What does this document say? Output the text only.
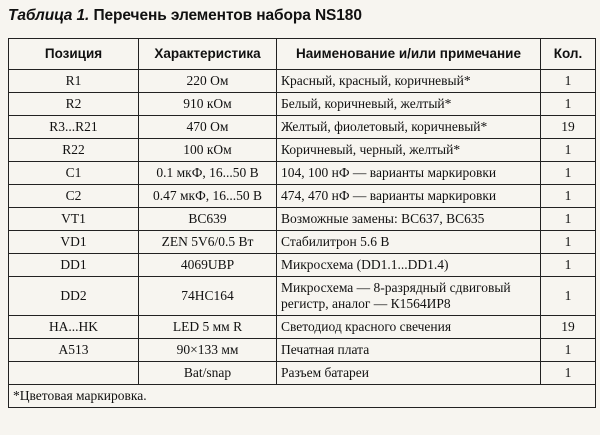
Таблица 1. Перечень элементов набора NS180
Позиция	Характеристика	Наименование и/или примечание	Кол.
R1	220 Ом	Красный, красный, коричневый*	1
R2	910 кОм	Белый, коричневый, желтый*	1
R3...R21	470 Ом	Желтый, фиолетовый, коричневый*	19
R22	100 кОм	Коричневый, черный, желтый*	1
C1	0.1 мкФ, 16...50 В	104, 100 нФ — варианты маркировки	1
C2	0.47 мкФ, 16...50 В	474, 470 нФ — варианты маркировки	1
VT1	BC639	Возможные замены: BC637, BC635	1
VD1	ZEN 5V6/0.5 Вт	Стабилитрон 5.6 В	1
DD1	4069UBP	Микросхема (DD1.1...DD1.4)	1
DD2	74HC164	Микросхема — 8-разрядный сдвиговый регистр, аналог — К1564ИР8	1
HA...HK	LED 5 мм R	Светодиод красного свечения	19
A513	90×133 мм	Печатная плата	1
	Bat/snap	Разъем батареи	1
*Цветовая маркировка.			
